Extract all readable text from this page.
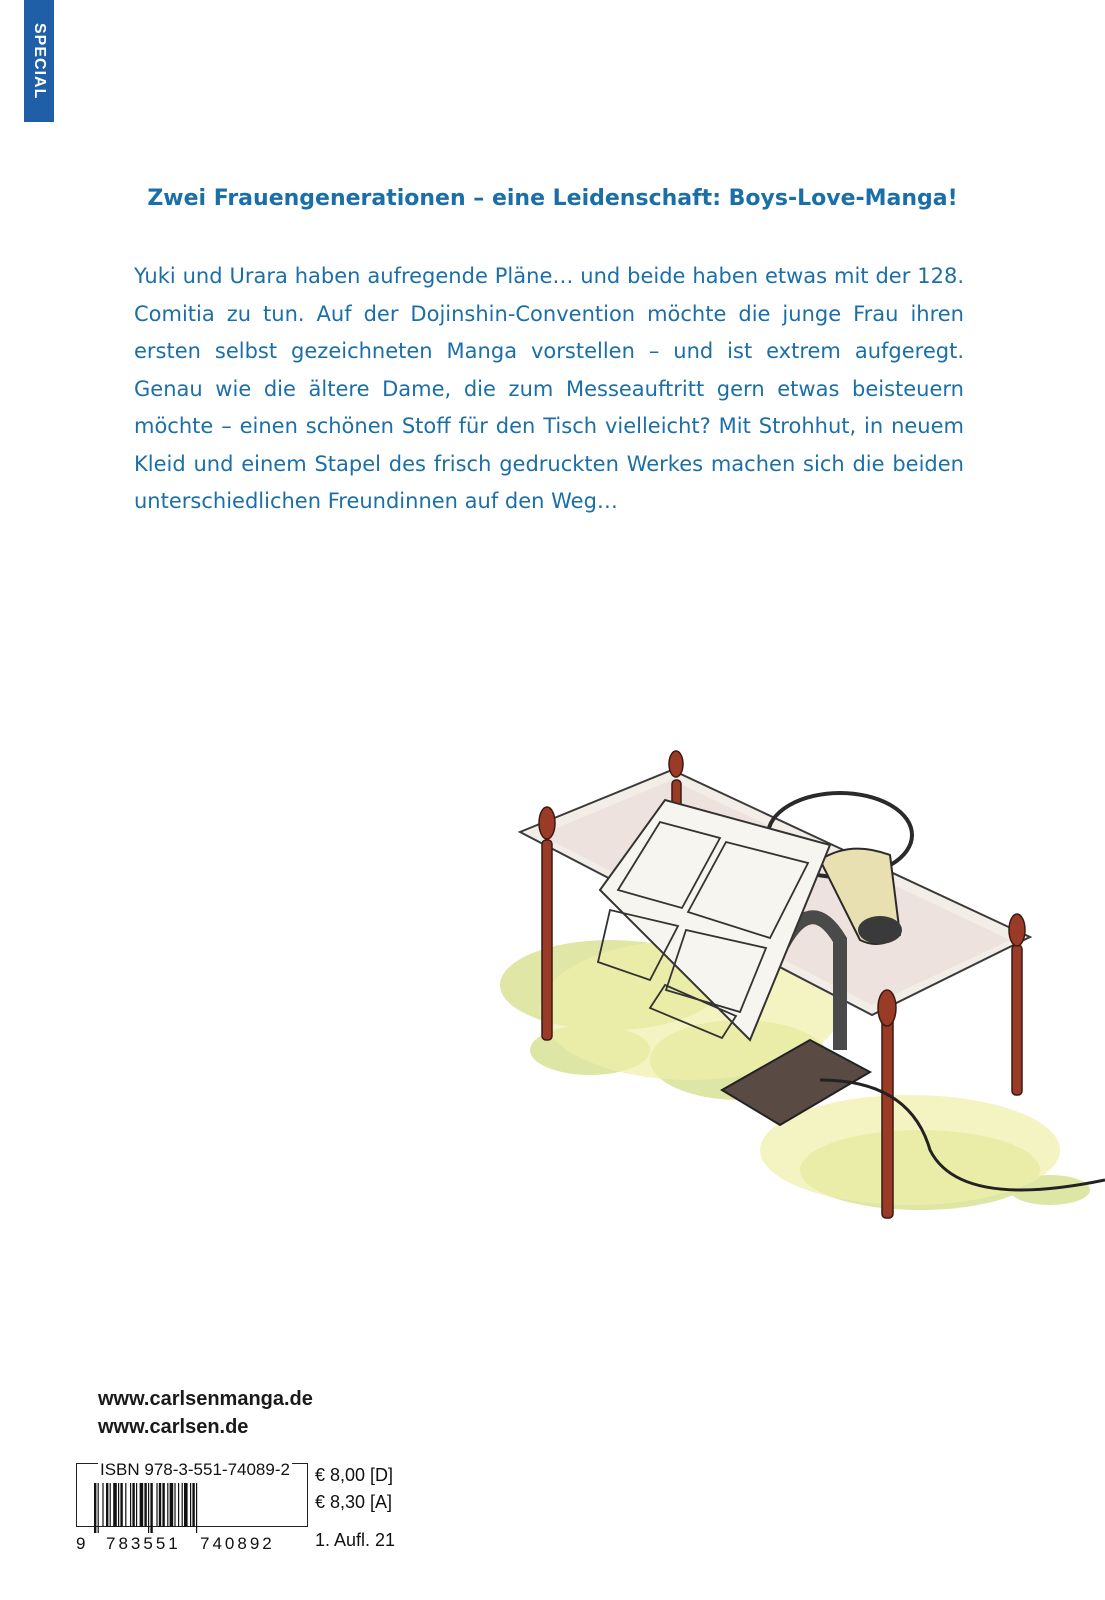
SPECIAL
Zwei Frauengenerationen – eine Leidenschaft: Boys-Love-Manga!
Yuki und Urara haben aufregende Pläne… und beide haben etwas mit der 128. Comitia zu tun. Auf der Dojinshin-Convention möchte die junge Frau ihren ersten selbst gezeichneten Manga vorstellen – und ist extrem aufgeregt. Genau wie die ältere Dame, die zum Messeauftritt gern etwas beisteuern möchte – einen schönen Stoff für den Tisch vielleicht? Mit Strohhut, in neuem Kleid und einem Stapel des frisch gedruckten Werkes machen sich die beiden unterschiedlichen Freundinnen auf den Weg…
www.carlsenmanga.de
www.carlsen.de
ISBN 978-3-551-74089-2
9 783551 740892
€ 8,00 [D]
€ 8,30 [A]
1. Aufl. 21
